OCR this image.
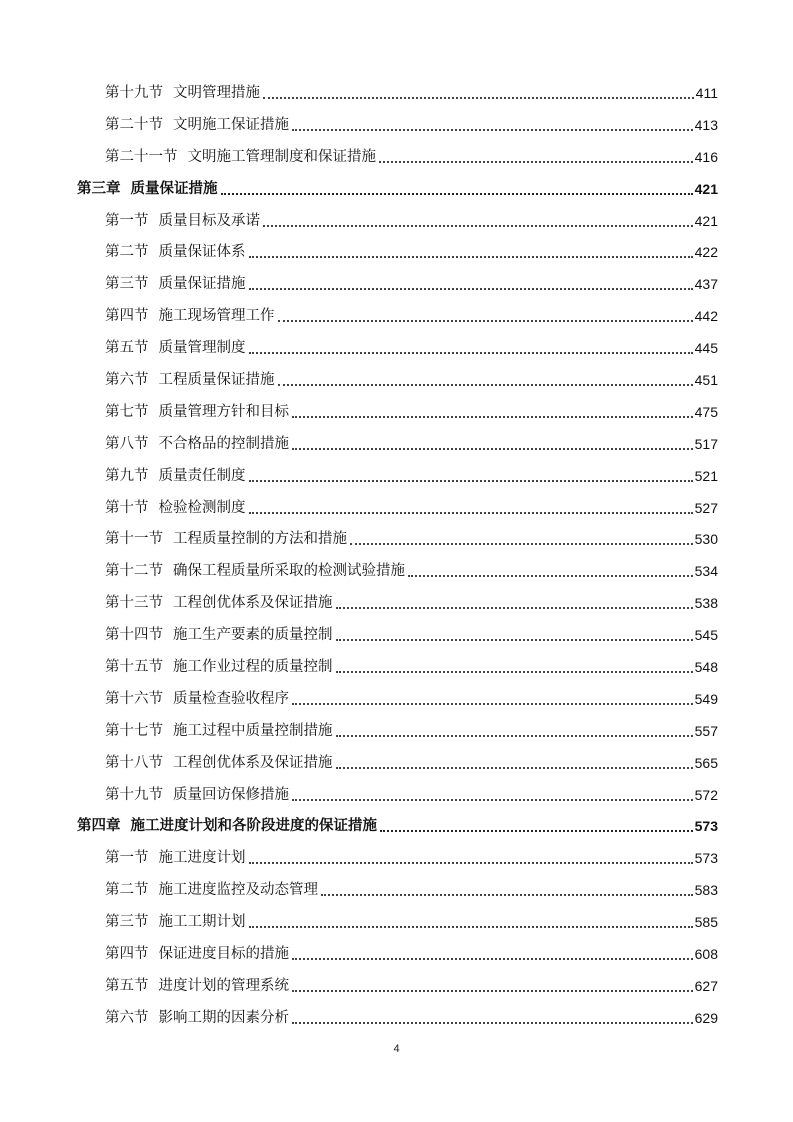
第十九节 文明管理措施	411
第二十节 文明施工保证措施	413
第二十一节 文明施工管理制度和保证措施	416
第三章 质量保证措施	421
第一节 质量目标及承诺	421
第二节 质量保证体系	422
第三节 质量保证措施	437
第四节 施工现场管理工作	442
第五节 质量管理制度	445
第六节 工程质量保证措施	451
第七节 质量管理方针和目标	475
第八节 不合格品的控制措施	517
第九节 质量责任制度	521
第十节 检验检测制度	527
第十一节 工程质量控制的方法和措施	530
第十二节 确保工程质量所采取的检测试验措施	534
第十三节 工程创优体系及保证措施	538
第十四节 施工生产要素的质量控制	545
第十五节 施工作业过程的质量控制	548
第十六节 质量检查验收程序	549
第十七节 施工过程中质量控制措施	557
第十八节 工程创优体系及保证措施	565
第十九节 质量回访保修措施	572
第四章 施工进度计划和各阶段进度的保证措施	573
第一节 施工进度计划	573
第二节 施工进度监控及动态管理	583
第三节 施工工期计划	585
第四节 保证进度目标的措施	608
第五节 进度计划的管理系统	627
第六节 影响工期的因素分析	629
4
